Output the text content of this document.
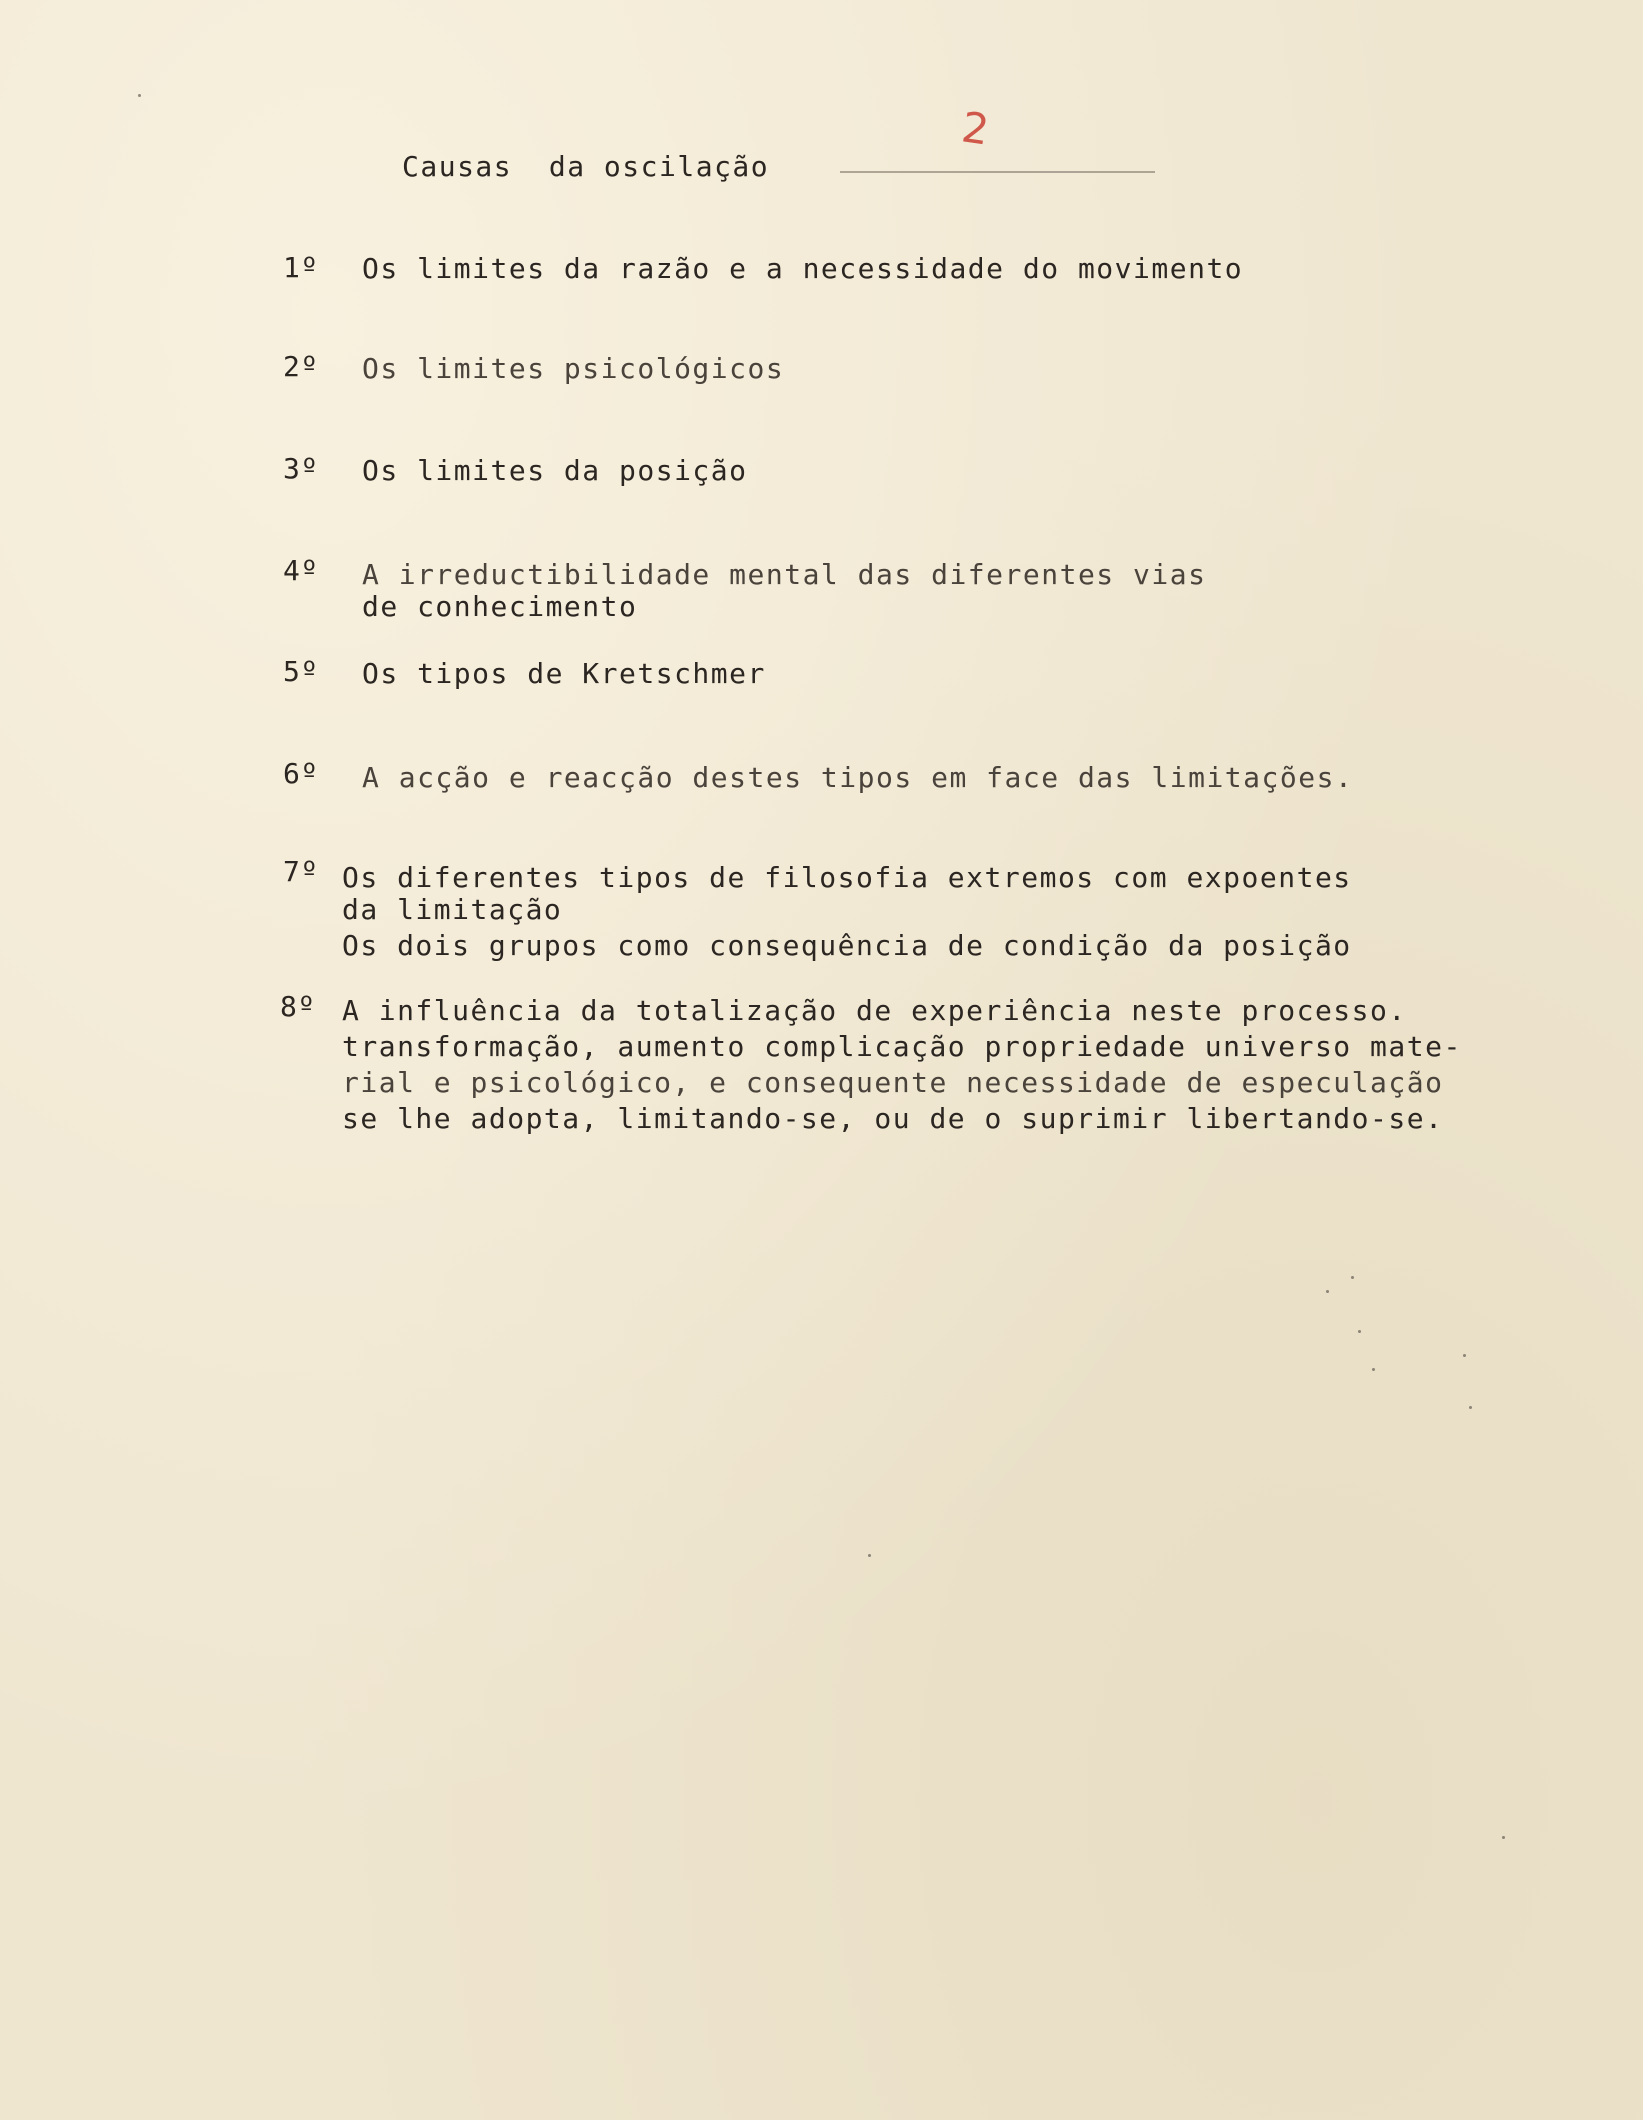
2
Causas  da oscilação
1º Os limites da razão e a necessidade do movimento
2º Os limites psicológicos
3º Os limites da posição
4º A irreductibilidade mental das diferentes vias
de conhecimento
5º Os tipos de Kretschmer
6º A acção e reacção destes tipos em face das limitações.
7º Os diferentes tipos de filosofia extremos com expoentes
da limitação
Os dois grupos como consequência de condição da posição
8º A influência da totalização de experiência neste processo.
transformação, aumento complicação propriedade universo mate-
rial e psicológico, e consequente necessidade de especulação
se lhe adopta, limitando-se, ou de o suprimir libertando-se.
